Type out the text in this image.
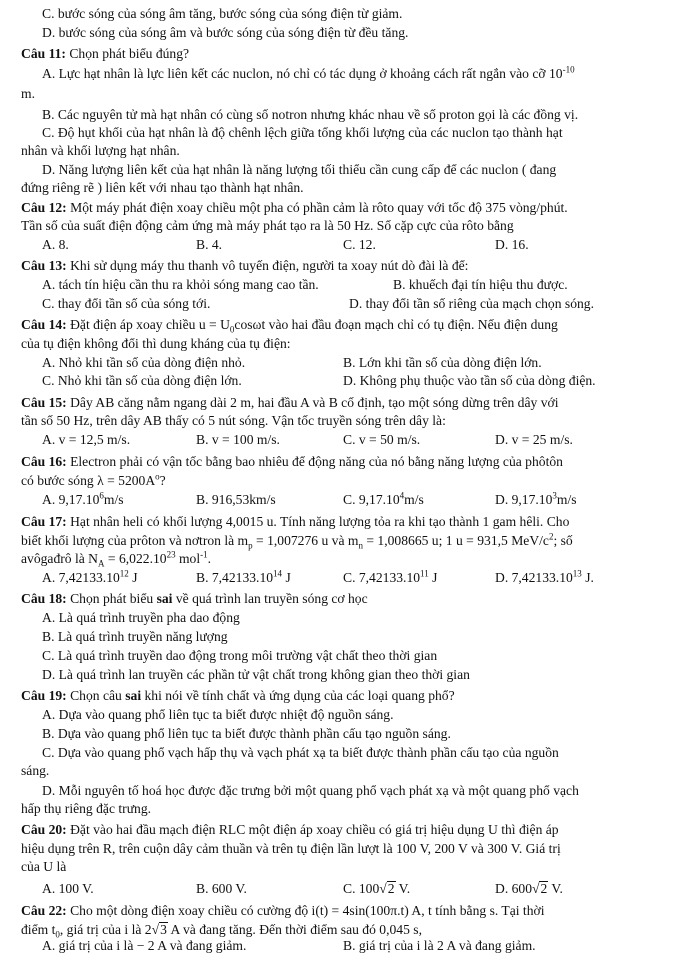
C. bước sóng của sóng âm tăng, bước sóng của sóng điện từ giảm.
D. bước sóng của sóng âm và bước sóng của sóng điện từ đều tăng.
Câu 11: Chọn phát biểu đúng?
A. Lực hạt nhân là lực liên kết các nuclon, nó chỉ có tác dụng ở khoảng cách rất ngắn vào cỡ $10^{-10}$
m.
B. Các nguyên tử mà hạt nhân có cùng số notron nhưng khác nhau về số proton gọi là các đồng vị.
C. Độ hụt khối của hạt nhân là độ chênh lệch giữa tổng khối lượng của các nuclon tạo thành hạt
nhân và khối lượng hạt nhân.
D. Năng lượng liên kết của hạt nhân là năng lượng tối thiểu cần cung cấp để các nuclon ( đang
đứng riêng rẽ ) liên kết với nhau tạo thành hạt nhân.
Câu 12: Một máy phát điện xoay chiều một pha có phần cảm là rôto quay với tốc độ 375 vòng/phút.
Tần số của suất điện động cảm ứng mà máy phát tạo ra là 50 Hz. Số cặp cực của rôto bằng
A. 8.	B. 4.	C. 12.	D. 16.
Câu 13: Khi sử dụng máy thu thanh vô tuyến điện, người ta xoay nút dò đài là để:
A. tách tín hiệu cần thu ra khỏi sóng mang cao tần.	B. khuếch đại tín hiệu thu được.
C. thay đổi tần số của sóng tới.	D. thay đổi tần số riêng của mạch chọn sóng.
Câu 14: Đặt điện áp xoay chiều $u = U_0\cos\omega t$ vào hai đầu đoạn mạch chỉ có tụ điện. Nếu điện dung
của tụ điện không đổi thì dung kháng của tụ điện:
A. Nhỏ khi tần số của dòng điện nhỏ.	B. Lớn khi tần số của dòng điện lớn.
C. Nhỏ khi tần số của dòng điện lớn.	D. Không phụ thuộc vào tần số của dòng điện.
Câu 15: Dây AB căng nằm ngang dài 2 m, hai đầu A và B cố định, tạo một sóng dừng trên dây với
tần số 50 Hz, trên dây AB thấy có 5 nút sóng. Vận tốc truyền sóng trên dây là:
A. v = 12,5 m/s.	B. v = 100 m/s.	C. v = 50 m/s.	D. v = 25 m/s.
Câu 16: Electron phải có vận tốc bằng bao nhiêu để động năng của nó bằng năng lượng của phôtôn
có bước sóng $\lambda = 5200A^o$?
A. 9,17.10$^6$m/s	B. 916,53km/s	C. 9,17.10$^4$m/s	D. 9,17.10$^3$m/s
Câu 17: Hạt nhân heli có khối lượng 4,0015 u. Tính năng lượng tỏa ra khi tạo thành 1 gam hêli. Cho
biết khối lượng của prôton và nơtron là $m_p = 1,007276$ u và $m_n = 1,008665$ u; 1 u = 931,5 MeV/$c^2$; số
avôgađrô là $N_A = 6,022.10^{23}$ mol$^{-1}$.
A. 7,42133.10$^{12}$ J	B. 7,42133.10$^{14}$ J	C. 7,42133.10$^{11}$ J	D. 7,42133.10$^{13}$ J.
Câu 18: Chọn phát biểu sai về quá trình lan truyền sóng cơ học
A. Là quá trình truyền pha dao động
B. Là quá trình truyền năng lượng
C. Là quá trình truyền dao động trong môi trường vật chất theo thời gian
D. Là quá trình lan truyền các phần tử vật chất trong không gian theo thời gian
Câu 19: Chọn câu sai khi nói về tính chất và ứng dụng của các loại quang phổ?
A. Dựa vào quang phổ liên tục ta biết được nhiệt độ nguồn sáng.
B. Dựa vào quang phổ liên tục ta biết được thành phần cấu tạo nguồn sáng.
C. Dựa vào quang phổ vạch hấp thụ và vạch phát xạ ta biết được thành phần cấu tạo của nguồn
sáng.
D. Mỗi nguyên tố hoá học được đặc trưng bởi một quang phổ vạch phát xạ và một quang phổ vạch
hấp thụ riêng đặc trưng.
Câu 20: Đặt vào hai đầu mạch điện RLC một điện áp xoay chiều có giá trị hiệu dụng U thì điện áp
hiệu dụng trên R, trên cuộn dây cảm thuần và trên tụ điện lần lượt là 100 V, 200 V và 300 V. Giá trị
của U là
A. 100 V.	B. 600 V.	C. 100√2 V.	D. 600√2 V.
Câu 22: Cho một dòng điện xoay chiều có cường độ i(t) = 4sin(100π.t) A, t tính bằng s. Tại thời
điểm $t_0$, giá trị của i là 2√3 A và đang tăng. Đến thời điểm sau đó 0,045 s,
A. giá trị của i là − 2 A và đang giảm.	B. giá trị của i là 2 A và đang giảm.
